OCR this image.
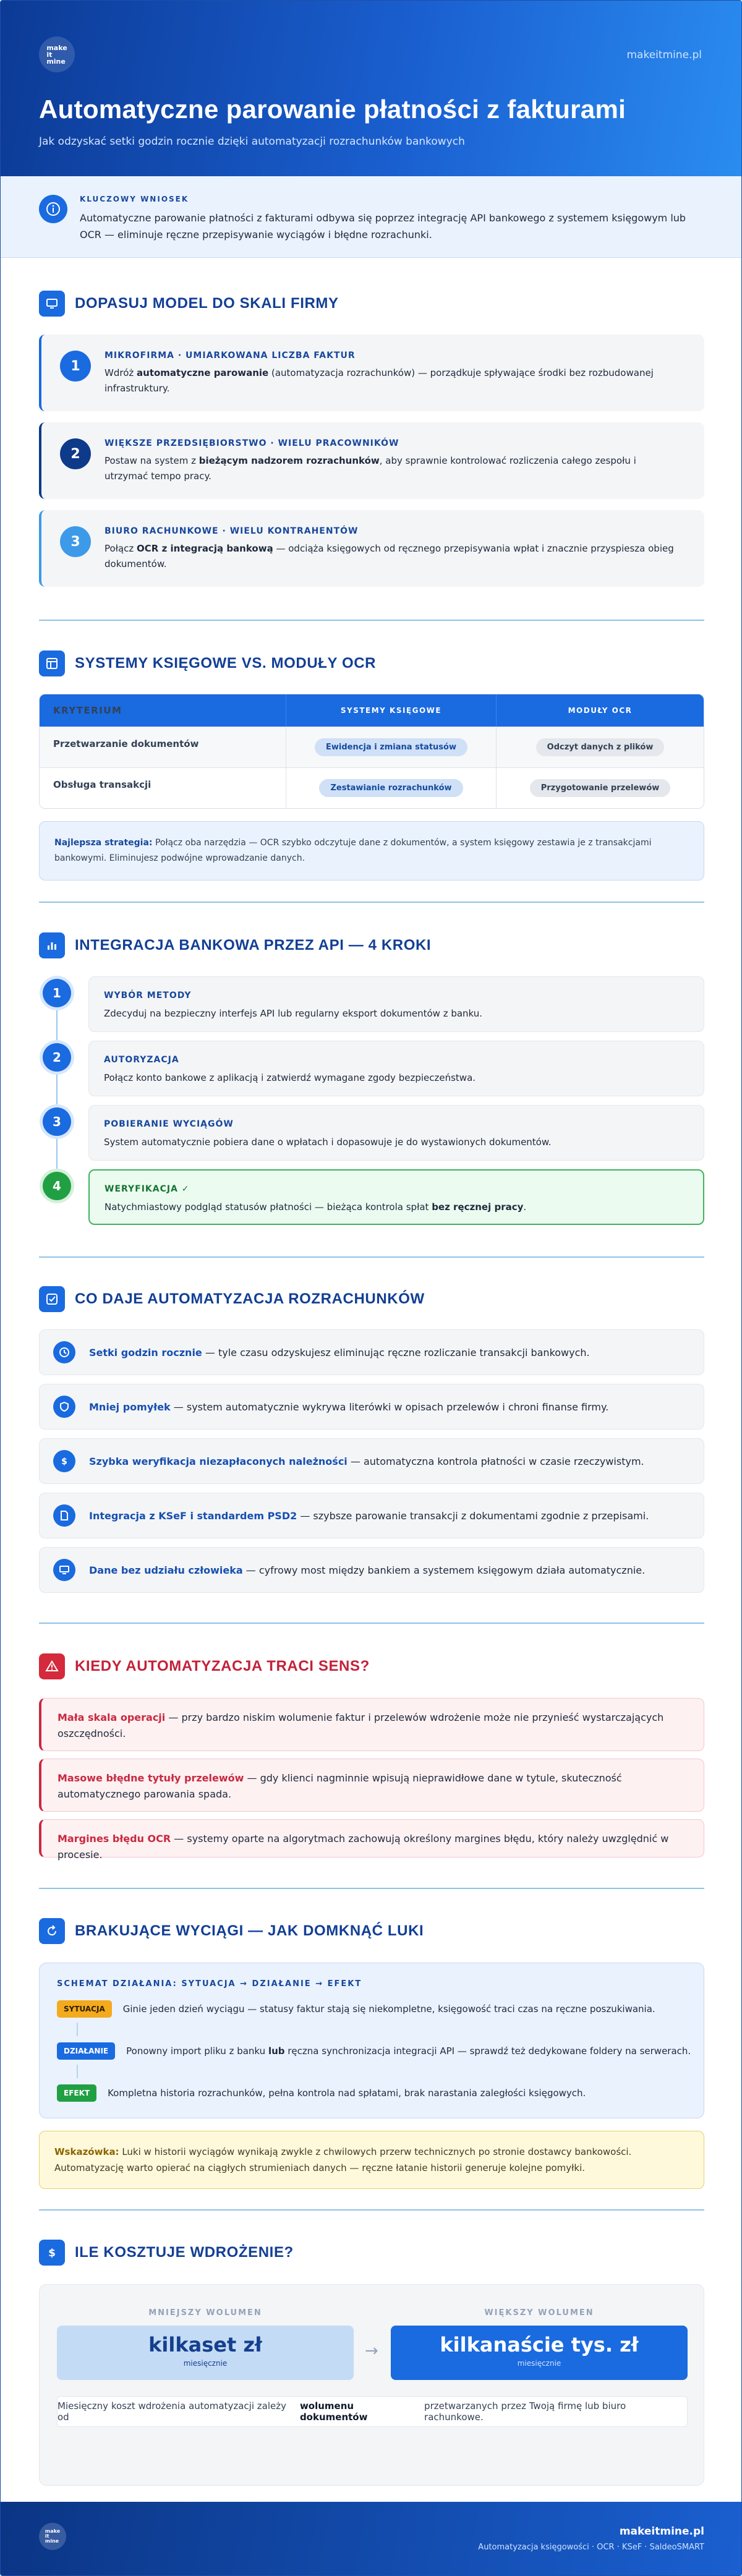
make
it
mine	makeitmine.pl
Automatyczne parowanie płatności z fakturami
Jak odzyskać setki godzin rocznie dzięki automatyzacji rozrachunków bankowych
KLUCZOWY WNIOSEK
Automatyczne parowanie płatności z fakturami odbywa się poprzez integrację API bankowego z systemem księgowym lub OCR — eliminuje ręczne przepisywanie wyciągów i błędne rozrachunki.
DOPASUJ MODEL DO SKALI FIRMY
1
MIKROFIRMA · UMIARKOWANA LICZBA FAKTUR
Wdróż automatyczne parowanie (automatyzacja rozrachunków) — porządkuje spływające środki bez rozbudowanej infrastruktury.
2
WIĘKSZE PRZEDSIĘBIORSTWO · WIELU PRACOWNIKÓW
Postaw na system z bieżącym nadzorem rozrachunków, aby sprawnie kontrolować rozliczenia całego zespołu i utrzymać tempo pracy.
3
BIURO RACHUNKOWE · WIELU KONTRAHENTÓW
Połącz OCR z integracją bankową — odciąża księgowych od ręcznego przepisywania wpłat i znacznie przyspiesza obieg dokumentów.
SYSTEMY KSIĘGOWE VS. MODUŁY OCR
KRYTERIUM	SYSTEMY KSIĘGOWE	MODUŁY OCR
Przetwarzanie dokumentów	Ewidencja i zmiana statusów	Odczyt danych z plików
Obsługa transakcji	Zestawianie rozrachunków	Przygotowanie przelewów
Najlepsza strategia: Połącz oba narzędzia — OCR szybko odczytuje dane z dokumentów, a system księgowy zestawia je z transakcjami bankowymi. Eliminujesz podwójne wprowadzanie danych.
INTEGRACJA BANKOWA PRZEZ API — 4 KROKI
1	WYBÓR METODY
Zdecyduj na bezpieczny interfejs API lub regularny eksport dokumentów z banku.
2	AUTORYZACJA
Połącz konto bankowe z aplikacją i zatwierdź wymagane zgody bezpieczeństwa.
3	POBIERANIE WYCIĄGÓW
System automatycznie pobiera dane o wpłatach i dopasowuje je do wystawionych dokumentów.
4	WERYFIKACJA ✓
Natychmiastowy podgląd statusów płatności — bieżąca kontrola spłat bez ręcznej pracy.
CO DAJE AUTOMATYZACJA ROZRACHUNKÓW
Setki godzin rocznie — tyle czasu odzyskujesz eliminując ręczne rozliczanie transakcji bankowych.
Mniej pomyłek — system automatycznie wykrywa literówki w opisach przelewów i chroni finanse firmy.
$ Szybka weryfikacja niezapłaconych należności — automatyczna kontrola płatności w czasie rzeczywistym.
Integracja z KSeF i standardem PSD2 — szybsze parowanie transakcji z dokumentami zgodnie z przepisami.
Dane bez udziału człowieka — cyfrowy most między bankiem a systemem księgowym działa automatycznie.
KIEDY AUTOMATYZACJA TRACI SENS?
Mała skala operacji — przy bardzo niskim wolumenie faktur i przelewów wdrożenie może nie przynieść wystarczających oszczędności.
Masowe błędne tytuły przelewów — gdy klienci nagminnie wpisują nieprawidłowe dane w tytule, skuteczność automatycznego parowania spada.
Margines błędu OCR — systemy oparte na algorytmach zachowują określony margines błędu, który należy uwzględnić w procesie.
BRAKUJĄCE WYCIĄGI — JAK DOMKNĄĆ LUKI
SCHEMAT DZIAŁANIA: SYTUACJA → DZIAŁANIE → EFEKT
SYTUACJA	Ginie jeden dzień wyciągu — statusy faktur stają się niekompletne, księgowość traci czas na ręczne poszukiwania.
DZIAŁANIE	Ponowny import pliku z banku lub ręczna synchronizacja integracji API — sprawdź też dedykowane foldery na serwerach.
EFEKT	Kompletna historia rozrachunków, pełna kontrola nad spłatami, brak narastania zaległości księgowych.
Wskazówka: Luki w historii wyciągów wynikają zwykle z chwilowych przerw technicznych po stronie dostawcy bankowości. Automatyzację warto opierać na ciągłych strumieniach danych — ręczne łatanie historii generuje kolejne pomyłki.
$ ILE KOSZTUJE WDROŻENIE?
MNIEJSZY WOLUMEN	WIĘKSZY WOLUMEN
kilkaset zł
miesięcznie
→	kilkanaście tys. zł
miesięcznie
Miesięczny koszt wdrożenia automatyzacji zależy od
wolumenu dokumentów
przetwarzanych przez Twoją firmę lub biuro rachunkowe.
make
it
mine
makeitmine.pl
Automatyzacja księgowości · OCR · KSeF · SaldeoSMART
